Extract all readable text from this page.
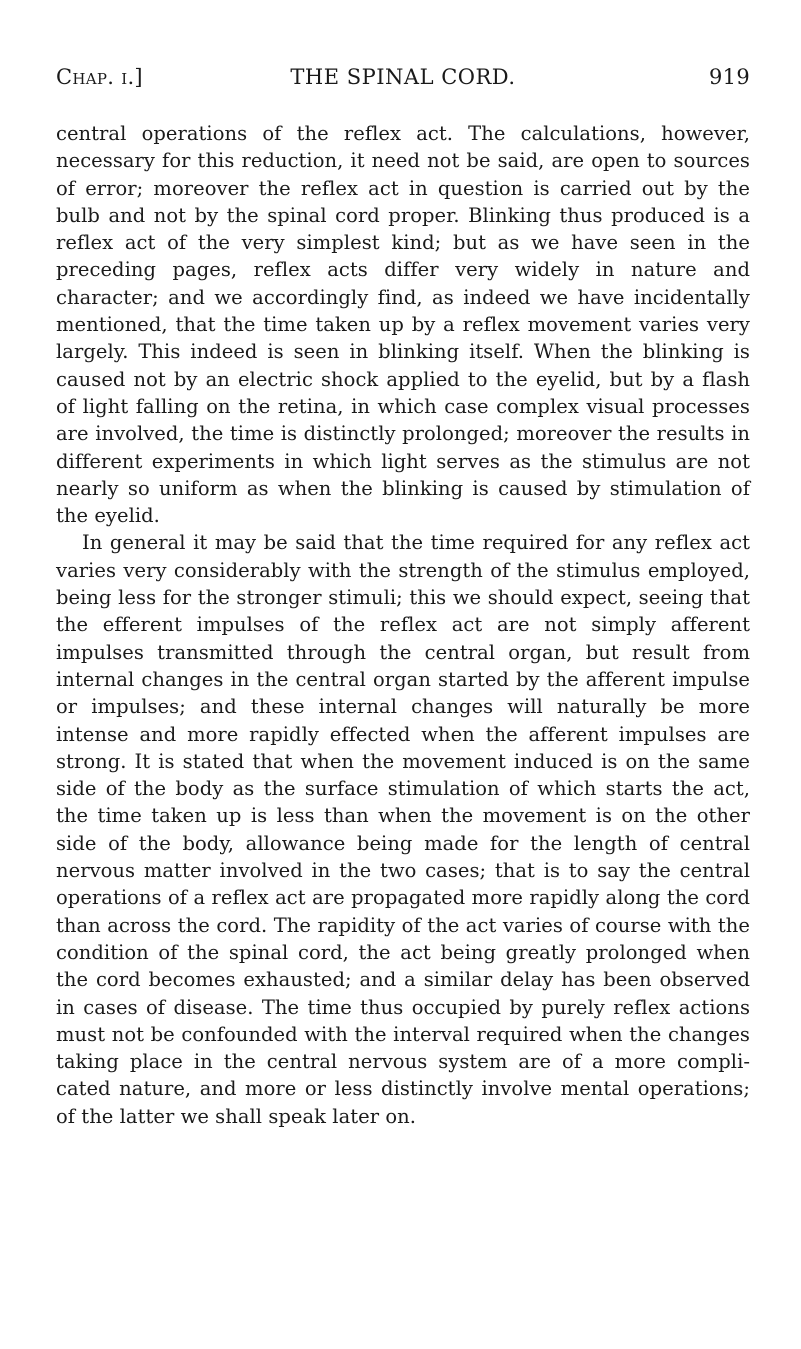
Chap. i.]	THE SPINAL CORD.	919

central operations of the reflex act. The calculations, however, necessary for this reduction, it need not be said, are open to sources of error; moreover the reflex act in question is carried out by the bulb and not by the spinal cord proper. Blinking thus produced is a reflex act of the very simplest kind; but as we have seen in the preceding pages, reflex acts differ very widely in nature and character; and we accordingly find, as indeed we have incidentally mentioned, that the time taken up by a reflex movement varies very largely. This indeed is seen in blinking itself. When the blinking is caused not by an electric shock applied to the eyelid, but by a flash of light falling on the retina, in which case complex visual processes are involved, the time is distinctly prolonged; moreover the results in different experiments in which light serves as the stimulus are not nearly so uniform as when the blinking is caused by stimulation of the eyelid.

In general it may be said that the time required for any reflex act varies very considerably with the strength of the stimulus employed, being less for the stronger stimuli; this we should expect, seeing that the efferent impulses of the reflex act are not simply afferent impulses transmitted through the central organ, but result from internal changes in the central organ started by the afferent impulse or impulses; and these internal changes will naturally be more intense and more rapidly effected when the afferent impulses are strong. It is stated that when the movement induced is on the same side of the body as the surface stimulation of which starts the act, the time taken up is less than when the movement is on the other side of the body, allowance being made for the length of central nervous matter involved in the two cases; that is to say the central operations of a reflex act are propagated more rapidly along the cord than across the cord. The rapidity of the act varies of course with the condition of the spinal cord, the act being greatly prolonged when the cord becomes exhausted; and a similar delay has been observed in cases of disease. The time thus occupied by purely reflex actions must not be confounded with the interval required when the changes taking place in the central nervous system are of a more compli-cated nature, and more or less distinctly involve mental operations; of the latter we shall speak later on.
